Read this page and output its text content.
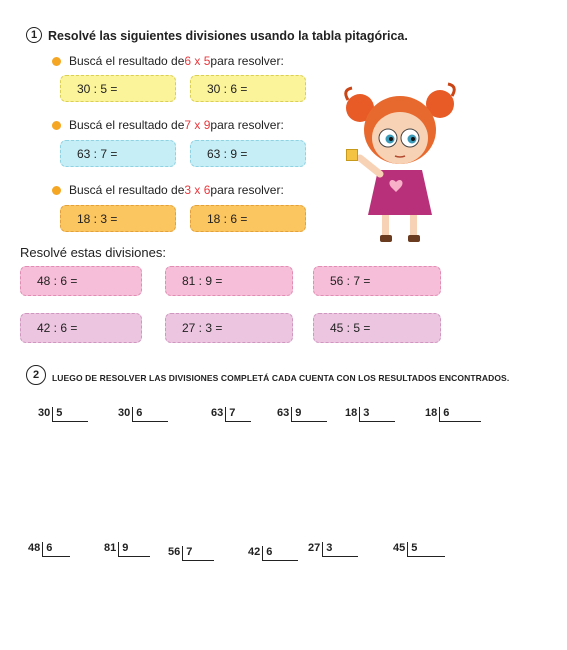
1 Resolvé las siguientes divisiones usando la tabla pitagórica.
Buscá el resultado de 6 x 5 para resolver:
30 : 5 =	30 : 6 =
Buscá el resultado de 7 x 9 para resolver:
63 : 7 =	63 : 9 =
Buscá el resultado de 3 x 6 para resolver:
18 : 3 =	18 : 6 =
Resolvé estas divisiones:
48 : 6 =	81 : 9 =	56 : 7 =
42 : 6 =	27 : 3 =	45 : 5 =
2	LUEGO DE RESOLVER LAS DIVISIONES COMPLETÁ CADA CUENTA CON LOS RESULTADOS ENCONTRADOS.
30 5	30 6	63 7	63 9	18 3	18 6
48 6	81 9	56 7	42 6	27 3	45 5
